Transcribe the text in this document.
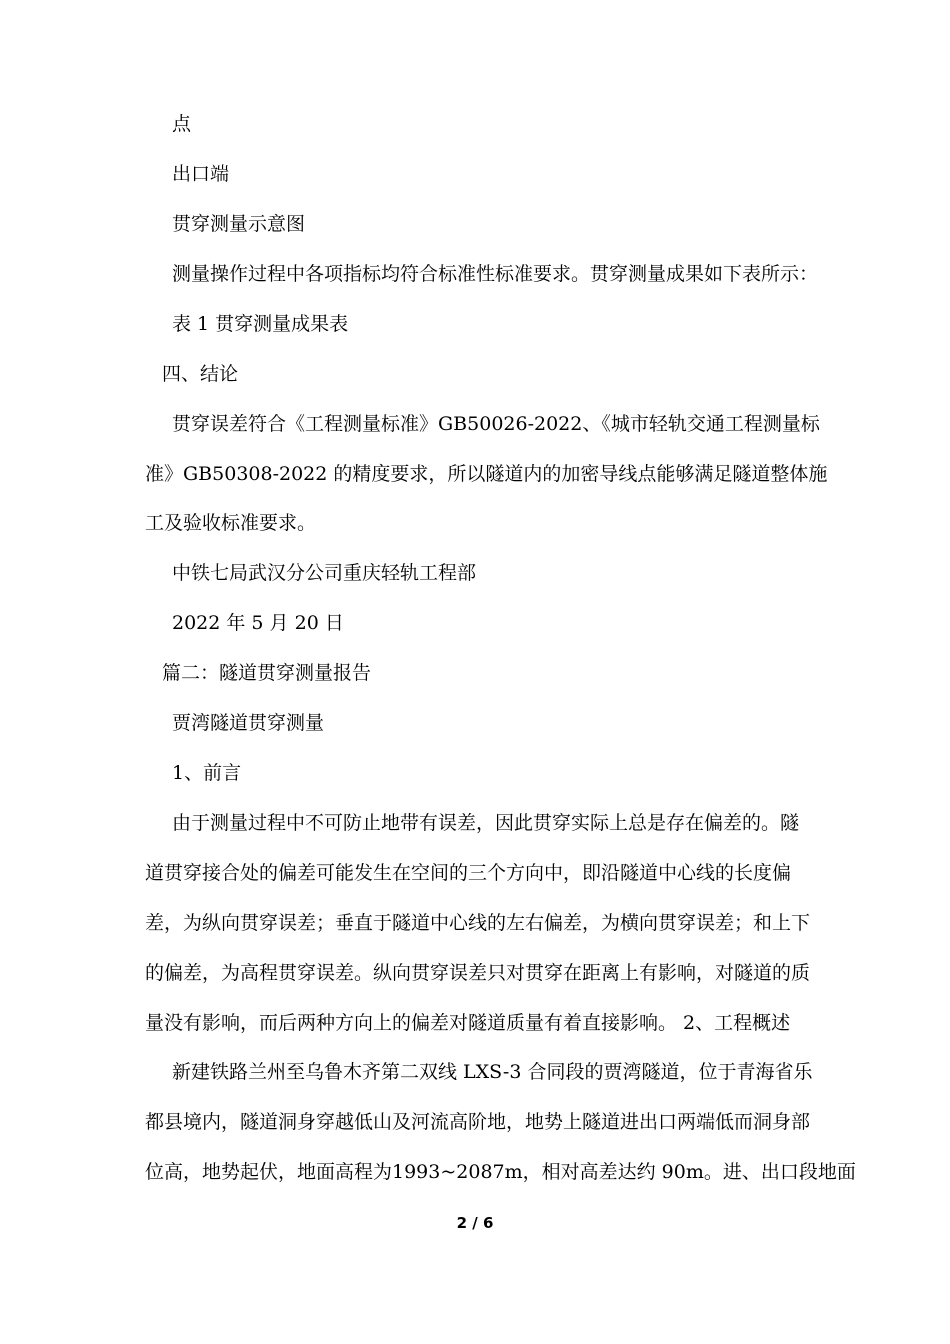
点
出口端
贯穿测量示意图
测量操作过程中各项指标均符合标准性标准要求。贯穿测量成果如下表所示：
表 1 贯穿测量成果表
四、结论
贯穿误差符合《工程测量标准》GB50026-2022、《城市轻轨交通工程测量标
准》GB50308-2022 的精度要求，所以隧道内的加密导线点能够满足隧道整体施
工及验收标准要求。
中铁七局武汉分公司重庆轻轨工程部
2022 年 5 月 20 日
篇二：隧道贯穿测量报告
贾湾隧道贯穿测量
1、前言
由于测量过程中不可防止地带有误差，因此贯穿实际上总是存在偏差的。隧
道贯穿接合处的偏差可能发生在空间的三个方向中，即沿隧道中心线的长度偏
差，为纵向贯穿误差；垂直于隧道中心线的左右偏差，为横向贯穿误差；和上下
的偏差，为高程贯穿误差。纵向贯穿误差只对贯穿在距离上有影响，对隧道的质
量没有影响，而后两种方向上的偏差对隧道质量有着直接影响。 2、工程概述
新建铁路兰州至乌鲁木齐第二双线 LXS-3 合同段的贾湾隧道，位于青海省乐
都县境内，隧道洞身穿越低山及河流高阶地，地势上隧道进出口两端低而洞身部
位高，地势起伏，地面高程为1993~2087m，相对高差达约 90m。进、出口段地面
2 / 6
